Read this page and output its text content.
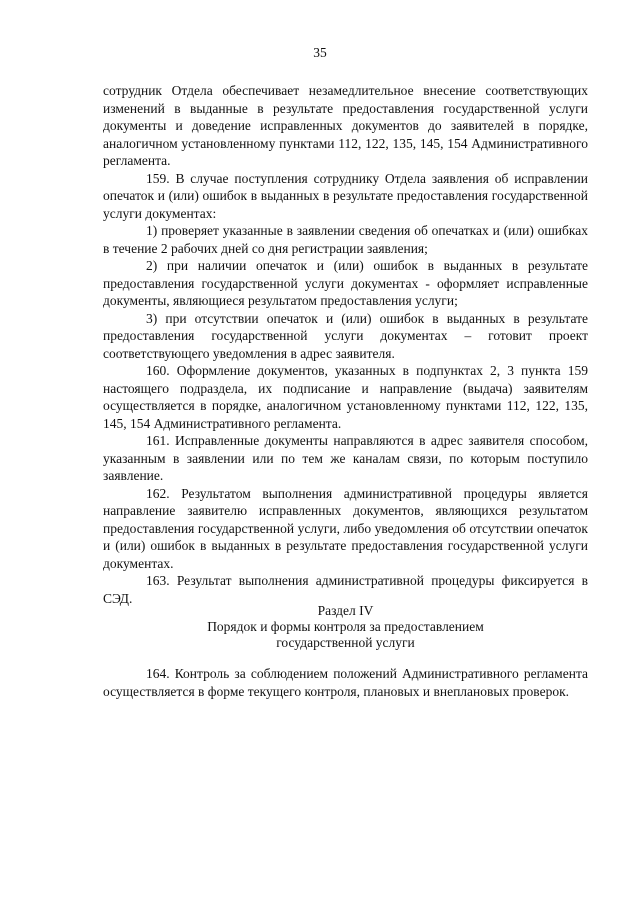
35

сотрудник Отдела обеспечивает незамедлительное внесение соответствующих изменений в выданные в результате предоставления государственной услуги документы и доведение исправленных документов до заявителей в порядке, аналогичном установленному пунктами 112, 122, 135, 145, 154 Административного регламента.

159. В случае поступления сотруднику Отдела заявления об исправлении опечаток и (или) ошибок в выданных в результате предоставления государственной услуги документах:

1) проверяет указанные в заявлении сведения об опечатках и (или) ошибках в течение 2 рабочих дней со дня регистрации заявления;

2) при наличии опечаток и (или) ошибок в выданных в результате предоставления государственной услуги документах - оформляет исправленные документы, являющиеся результатом предоставления услуги;

3) при отсутствии опечаток и (или) ошибок в выданных в результате предоставления государственной услуги документах – готовит проект соответствующего уведомления в адрес заявителя.

160. Оформление документов, указанных в подпунктах 2, 3 пункта 159 настоящего подраздела, их подписание и направление (выдача) заявителям осуществляется в порядке, аналогичном установленному пунктами 112, 122, 135, 145, 154 Административного регламента.

161. Исправленные документы направляются в адрес заявителя способом, указанным в заявлении или по тем же каналам связи, по которым поступило заявление.

162. Результатом выполнения административной процедуры является направление заявителю исправленных документов, являющихся результатом предоставления государственной услуги, либо уведомления об отсутствии опечаток и (или) ошибок в выданных в результате предоставления государственной услуги документах.

163. Результат выполнения административной процедуры фиксируется в СЭД.

Раздел IV
Порядок и формы контроля за предоставлением
государственной услуги

164. Контроль за соблюдением положений Административного регламента осуществляется в форме текущего контроля, плановых и внеплановых проверок.
